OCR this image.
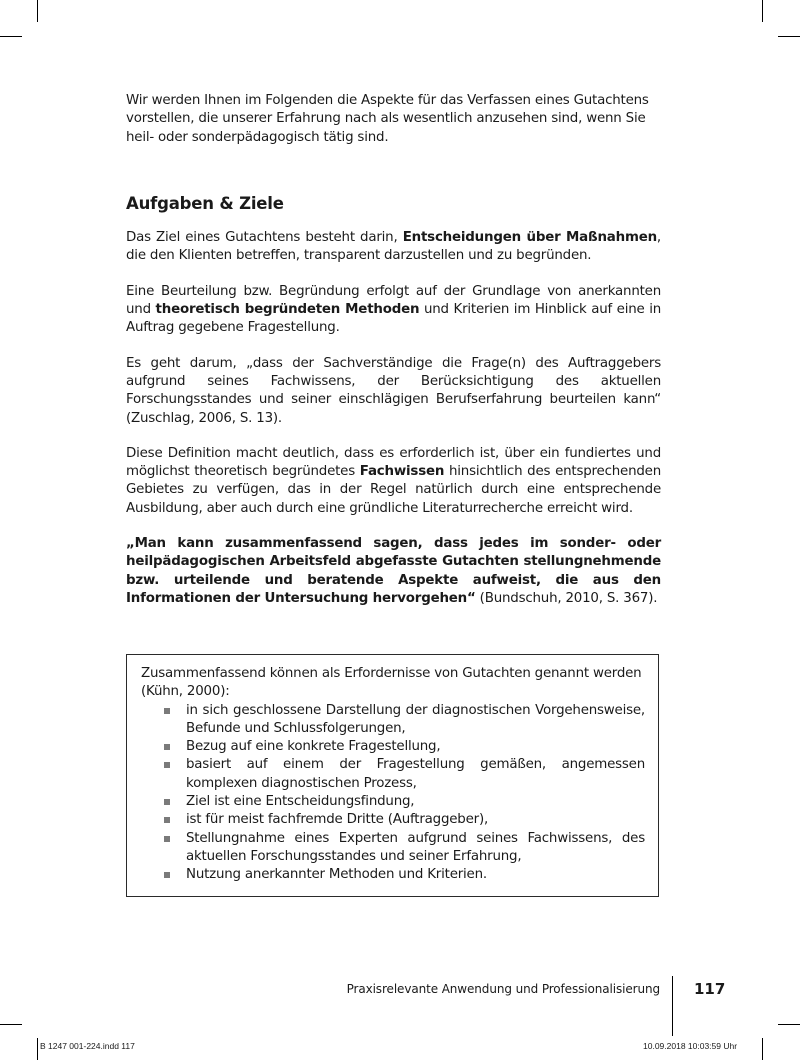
Wir werden Ihnen im Folgenden die Aspekte für das Verfassen eines Gutachtens vorstellen, die unserer Erfahrung nach als wesentlich anzusehen sind, wenn Sie heil- oder sonderpädagogisch tätig sind.

Aufgaben & Ziele

Das Ziel eines Gutachtens besteht darin, Entscheidungen über Maßnahmen, die den Klienten betreffen, transparent darzustellen und zu begründen.

Eine Beurteilung bzw. Begründung erfolgt auf der Grundlage von anerkannten und theoretisch begründeten Methoden und Kriterien im Hinblick auf eine in Auftrag gegebene Fragestellung.

Es geht darum, „dass der Sachverständige die Frage(n) des Auftraggebers aufgrund seines Fachwissens, der Berücksichtigung des aktuellen Forschungsstandes und seiner einschlägigen Berufserfahrung beurteilen kann“ (Zuschlag, 2006, S. 13).

Diese Definition macht deutlich, dass es erforderlich ist, über ein fundiertes und möglichst theoretisch begründetes Fachwissen hinsichtlich des entsprechenden Gebietes zu verfügen, das in der Regel natürlich durch eine entsprechende Ausbildung, aber auch durch eine gründliche Literaturrecherche erreicht wird.

„Man kann zusammenfassend sagen, dass jedes im sonder- oder heilpädagogischen Arbeitsfeld abgefasste Gutachten stellungnehmende bzw. urteilende und beratende Aspekte aufweist, die aus den Informationen der Untersuchung hervorgehen“ (Bundschuh, 2010, S. 367).

Zusammenfassend können als Erfordernisse von Gutachten genannt werden (Kühn, 2000):
in sich geschlossene Darstellung der diagnostischen Vorgehensweise, Befunde und Schlussfolgerungen,
Bezug auf eine konkrete Fragestellung,
basiert auf einem der Fragestellung gemäßen, angemessen komplexen diagnostischen Prozess,
Ziel ist eine Entscheidungsfindung,
ist für meist fachfremde Dritte (Auftraggeber),
Stellungnahme eines Experten aufgrund seines Fachwissens, des aktuellen Forschungsstandes und seiner Erfahrung,
Nutzung anerkannter Methoden und Kriterien.
Praxisrelevante Anwendung und Professionalisierung 117
B 1247 001-224.indd 117	10.09.2018 10:03:59 Uhr
